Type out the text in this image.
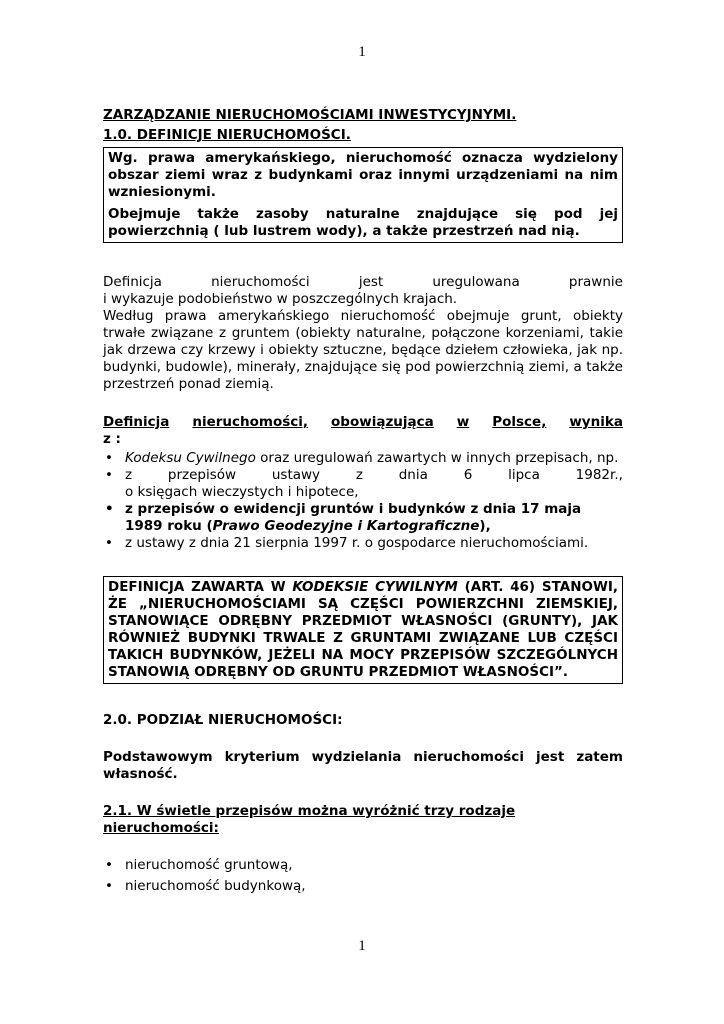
1

ZARZĄDZANIE NIERUCHOMOŚCIAMI INWESTYCYJNYMI.

1.0. DEFINICJE NIERUCHOMOŚCI.

Wg. prawa amerykańskiego, nieruchomość oznacza wydzielony obszar ziemi wraz z budynkami oraz innymi urządzeniami na nim wzniesionymi.

Obejmuje także zasoby naturalne znajdujące się pod jej powierzchnią ( lub lustrem wody), a także przestrzeń nad nią.

Definicja	nieruchomości	jest	uregulowana	prawnie

i wykazuje podobieństwo w poszczególnych krajach.

Według prawa amerykańskiego nieruchomość obejmuje grunt, obiekty trwałe związane z gruntem (obiekty naturalne, połączone korzeniami, takie jak drzewa czy krzewy i obiekty sztuczne, będące dziełem człowieka, jak np. budynki, budowle), minerały, znajdujące się pod powierzchnią ziemi, a także przestrzeń ponad ziemią.

Definicja nieruchomości, obowiązująca w Polsce, wynika

z :

• Kodeksu Cywilnego oraz uregulowań zawartych w innych przepisach, np.
• z	przepisów	ustawy	z	dnia	6	lipca	1982r.,
o księgach wieczystych i hipotece,
• z przepisów o ewidencji gruntów i budynków z dnia 17 maja 1989 roku (Prawo Geodezyjne i Kartograficzne),
• z ustawy z dnia 21 sierpnia 1997 r. o gospodarce nieruchomościami.

DEFINICJA ZAWARTA W KODEKSIE CYWILNYM (ART. 46) STANOWI, ŻE „NIERUCHOMOŚCIAMI SĄ CZĘŚCI POWIERZCHNI ZIEMSKIEJ, STANOWIĄCE ODRĘBNY PRZEDMIOT WŁASNOŚCI (GRUNTY), JAK RÓWNIEŻ BUDYNKI TRWALE Z GRUNTAMI ZWIĄZANE LUB CZĘŚCI TAKICH BUDYNKÓW, JEŻELI NA MOCY PRZEPISÓW SZCZEGÓLNYCH STANOWIĄ ODRĘBNY OD GRUNTU PRZEDMIOT WŁASNOŚCI”.

2.0. PODZIAŁ NIERUCHOMOŚCI:

Podstawowym kryterium wydzielania nieruchomości jest zatem własność.

2.1. W świetle przepisów można wyróżnić trzy rodzaje nieruchomości:

• nieruchomość gruntową,
• nieruchomość budynkową,
1
